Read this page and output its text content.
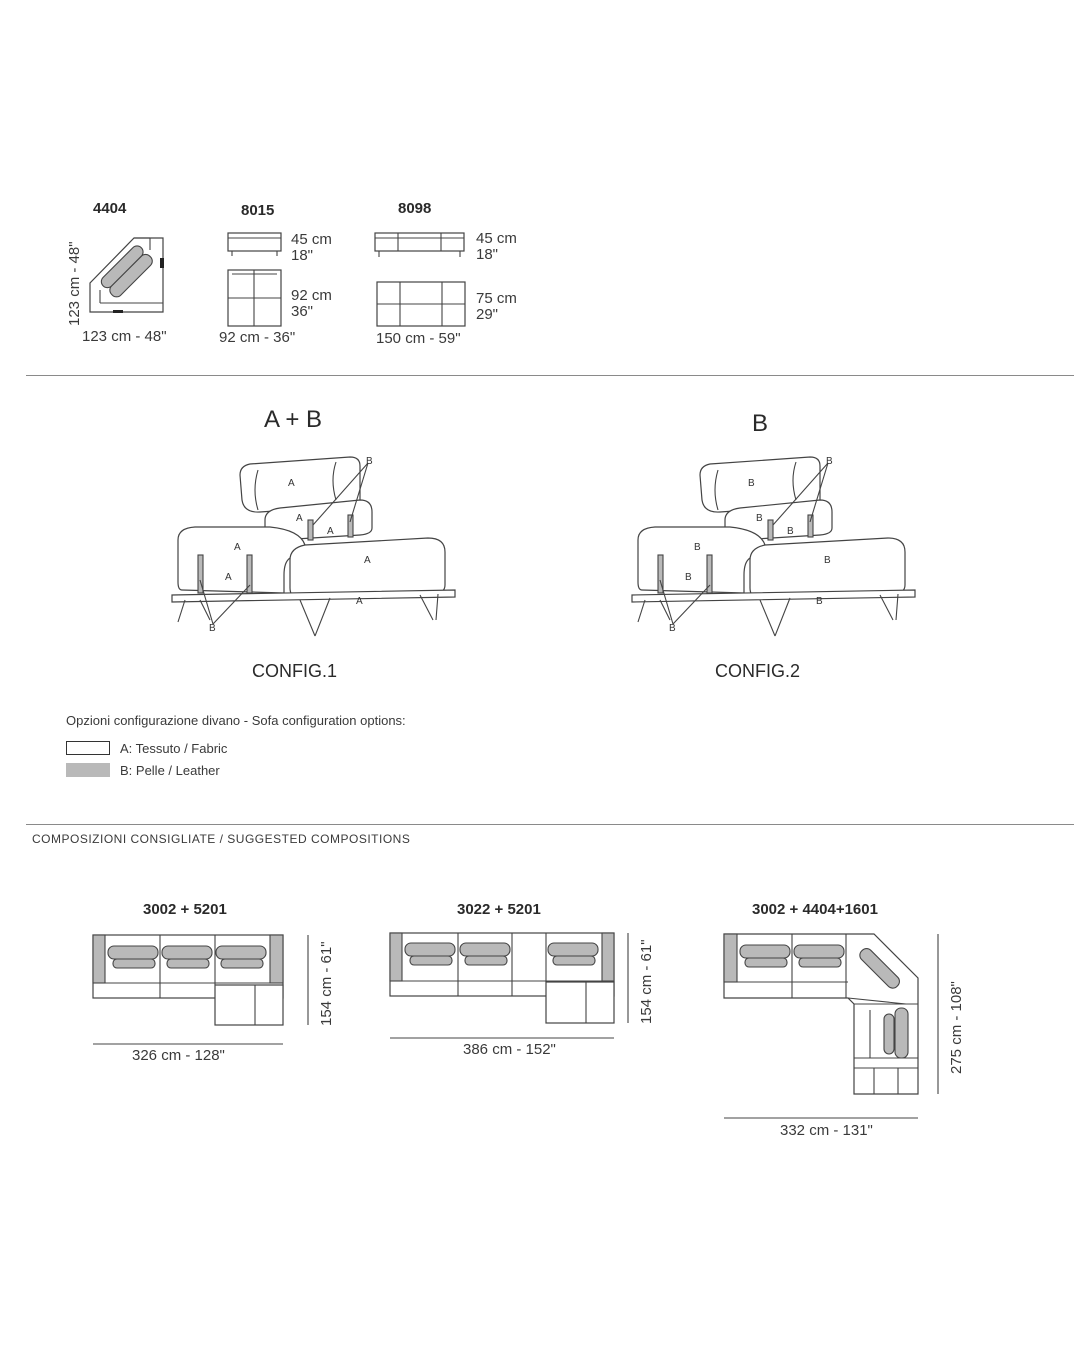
4404	8015	8098
123 cm - 48"
123 cm - 48"
45 cm
18"
92 cm
36"
92 cm - 36"
45 cm
18"
75 cm
29"
150 cm - 59"
A + B	B
A
A
A
A
A
A
A
B
B
B
B
B
B
B
B
B
B
B
CONFIG.1	CONFIG.2
Opzioni configurazione divano - Sofa configuration options:
A: Tessuto / Fabric
B: Pelle / Leather
COMPOSIZIONI CONSIGLIATE / SUGGESTED COMPOSITIONS
3002 + 5201	3022 + 5201	3002 + 4404+1601
326 cm - 128"
154 cm - 61"
386 cm - 152"
154 cm - 61"
332 cm - 131"
275 cm - 108"
